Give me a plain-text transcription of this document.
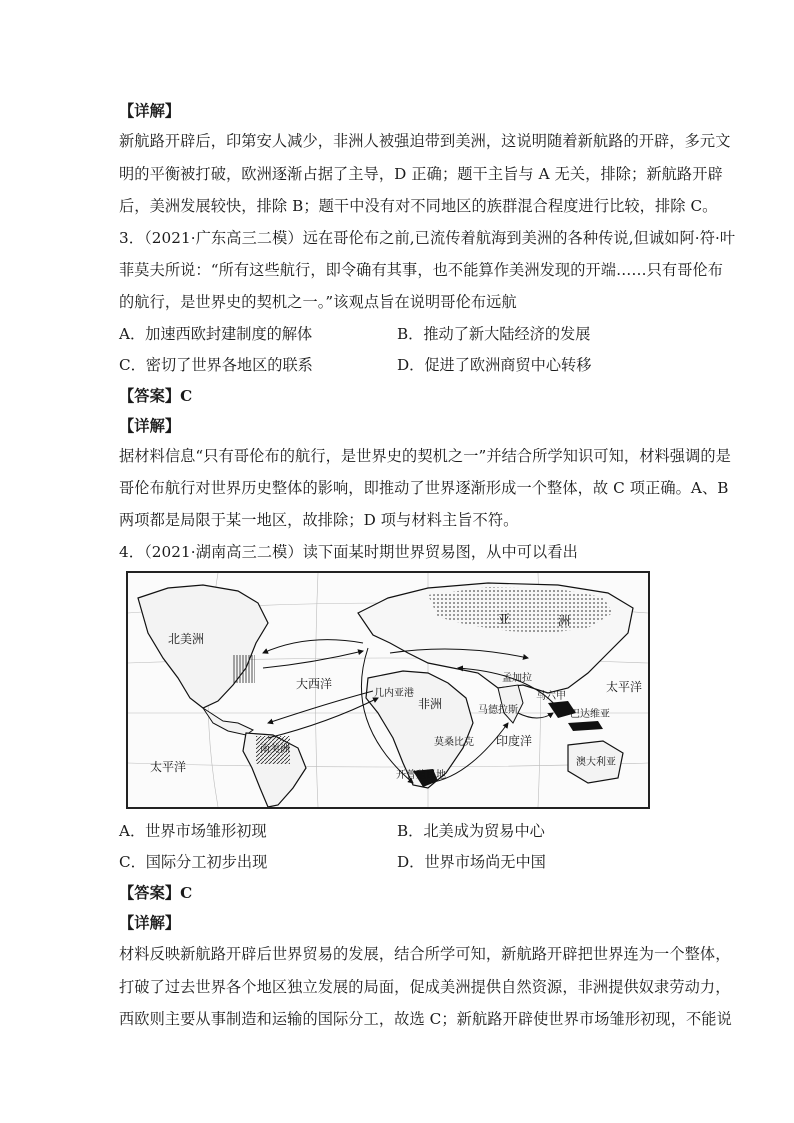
【详解】
新航路开辟后，印第安人减少，非洲人被强迫带到美洲，这说明随着新航路的开辟，多元文
明的平衡被打破，欧洲逐渐占据了主导，D 正确；题干主旨与 A 无关，排除；新航路开辟
后，美洲发展较快，排除 B；题干中没有对不同地区的族群混合程度进行比较，排除 C。
3．（2021·广东高三二模）远在哥伦布之前,已流传着航海到美洲的各种传说,但诚如阿·符·叶
菲莫夫所说：“所有这些航行，即令确有其事，也不能算作美洲发现的开端……只有哥伦布
的航行，是世界史的契机之一。”该观点旨在说明哥伦布远航
A．加速西欧封建制度的解体	B．推动了新大陆经济的发展
C．密切了世界各地区的联系	D．促进了欧洲商贸中心转移
【答案】C
【详解】
据材料信息“只有哥伦布的航行，是世界史的契机之一”并结合所学知识可知，材料强调的是
哥伦布航行对世界历史整体的影响，即推动了世界逐渐形成一个整体，故 C 项正确。A、B
两项都是局限于某一地区，故排除；D 项与材料主旨不符。
4．（2021·湖南高三二模）读下面某时期世界贸易图，从中可以看出
北美洲
大西洋
南美洲
太平洋
太平洋
几内亚港
非洲
亚	洲
孟加拉
印度洋
澳大利亚
开普殖民地
马德拉斯
莫桑比克
马六甲
巴达维亚
A．世界市场雏形初现	B．北美成为贸易中心
C．国际分工初步出现	D．世界市场尚无中国
【答案】C
【详解】
材料反映新航路开辟后世界贸易的发展，结合所学可知，新航路开辟把世界连为一个整体，
打破了过去世界各个地区独立发展的局面，促成美洲提供自然资源，非洲提供奴隶劳动力，
西欧则主要从事制造和运输的国际分工，故选 C；新航路开辟使世界市场雏形初现，不能说
